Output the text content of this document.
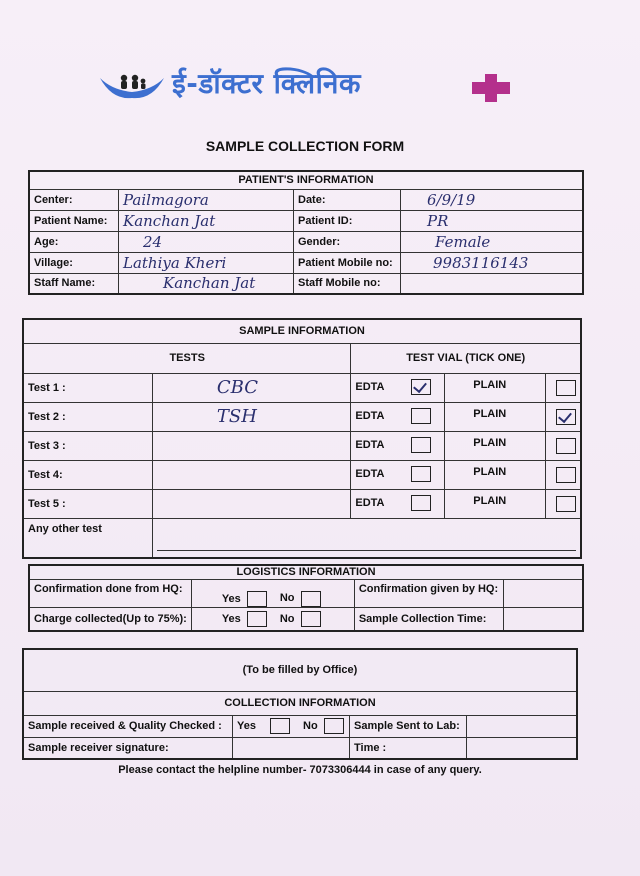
ई-डॉक्टर क्लिनिक
SAMPLE COLLECTION FORM
PATIENT'S INFORMATION			
Center:	Pailmagora	Date:	6/9/19
Patient Name:	Kanchan Jat	Patient ID:	PR
Age:	24	Gender:	Female
Village:	Lathiya Kheri	Patient Mobile no:	9983116143
Staff Name:	Kanchan Jat	Staff Mobile no:	
SAMPLE INFORMATION				
TESTS		TEST VIAL (TICK ONE)		
Test 1 :	CBC	EDTA	PLAIN	
Test 2 :	TSH	EDTA	PLAIN	
Test 3 :		EDTA	PLAIN	
Test 4:		EDTA	PLAIN	
Test 5 :		EDTA	PLAIN	
Any other test				
LOGISTICS INFORMATION			
Confirmation done from HQ:	Yes No	Confirmation given by HQ:	
Charge collected(Up to 75%):	Yes No	Sample Collection Time:	
(To be filled by Office)			
COLLECTION INFORMATION			
Sample received & Quality Checked :	Yes No	Sample Sent to Lab:	
Sample receiver signature:		Time :	
Please contact the helpline number- 7073306444 in case of any query.
